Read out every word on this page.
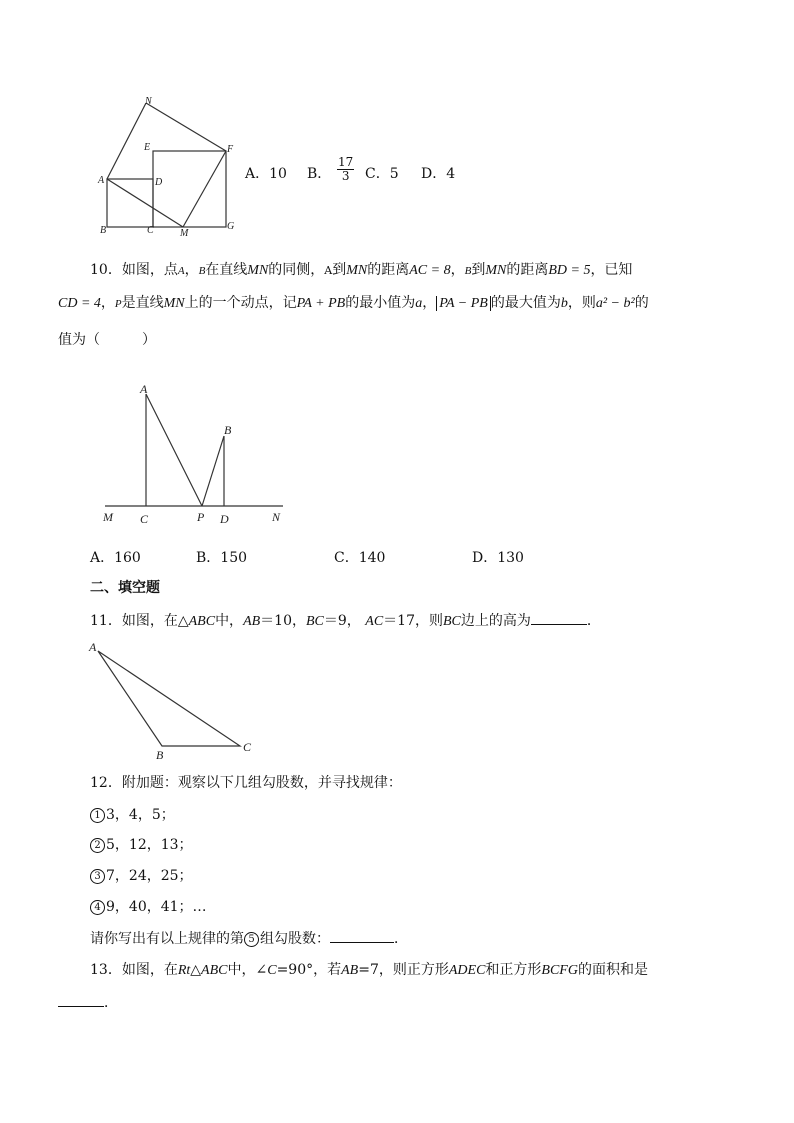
N
E	F
A	D
B	C	M
G
A．10 B． $\frac{17}{3}$ C．5 D．4
10．如图，点A，B在直线MN的同侧，A到MN的距离AC = 8，B到MN的距离BD = 5，已知
CD = 4，P是直线MN上的一个动点，记PA + PB的最小值为a， PA − PB 的最大值为b，则a² − b²的
值为（　　　）
A
B
M C	P D	N
A．160	B．150	C．140	D．130
二、填空题
11．如图，在△ABC中，AB＝10，BC＝9， AC＝17，则BC边上的高为	．
A
B
C
12．附加题：观察以下几组勾股数，并寻找规律：
1 3，4，5；
2 5，12，13；
3 7，24，25；
4 9，40，41；…
请你写出有以上规律的第 5 组勾股数：	．
13．如图，在Rt△ABC中，∠C=90°，若AB=7，则正方形ADEC和正方形BCFG的面积和是
．
